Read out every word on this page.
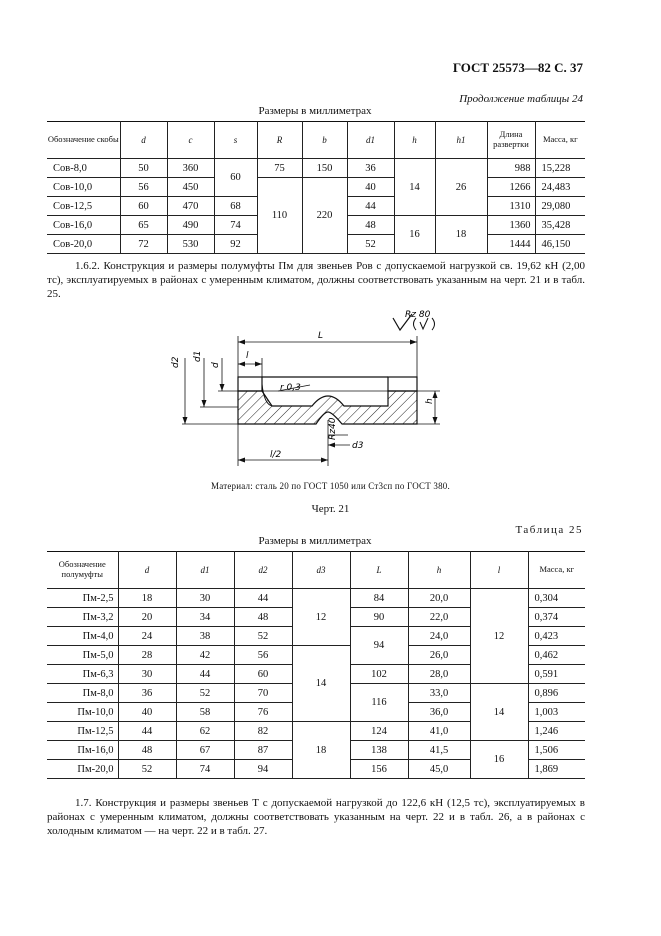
ГОСТ 25573—82 С. 37
Продолжение таблицы 24
Размеры в миллиметрах
Обозначение скобы	d	c	s	R	b	d1	h	h1	Длина развертки	Масса, кг
Сов-8,0	50	360	60	75	150	36	14	26	988	15,228
Сов-10,0	56	450		110	220	40			1266	24,483
Сов-12,5	60	470	68			44			1310	29,080
Сов-16,0	65	490	74			48	16	18	1360	35,428
Сов-20,0	72	530	92			52			1444	46,150
1.6.2. Конструкция и размеры полумуфты Пм для звеньев Ров с допускаемой нагрузкой св. 19,62 кН (2,00 тс), эксплуатируемых в районах с умеренным климатом, должны соответствовать указанным на черт. 21 и в табл. 25.
Rz 80
L
l
l/2
d2
d1
d
h
r 0,3
d3
Rz40
Материал: сталь 20 по ГОСТ 1050 или Ст3сп по ГОСТ 380.
Черт. 21
Таблица 25
Размеры в миллиметрах
Обозначение полумуфты	d	d1	d2	d3	L	h	l	Масса, кг
Пм-2,5	18	30	44	12	84	20,0	12	0,304
Пм-3,2	20	34	48		90	22,0		0,374
Пм-4,0	24	38	52		94	24,0		0,423
Пм-5,0	28	42	56	14		26,0		0,462
Пм-6,3	30	44	60		102	28,0		0,591
Пм-8,0	36	52	70		116	33,0	14	0,896
Пм-10,0	40	58	76			36,0		1,003
Пм-12,5	44	62	82	18	124	41,0		1,246
Пм-16,0	48	67	87		138	41,5	16	1,506
Пм-20,0	52	74	94		156	45,0		1,869
1.7. Конструкция и размеры звеньев Т с допускаемой нагрузкой до 122,6 кН (12,5 тс), эксплуатируемых в районах с умеренным климатом, должны соответствовать указанным на черт. 22 и в табл. 26, а в районах с холодным климатом — на черт. 22 и в табл. 27.
